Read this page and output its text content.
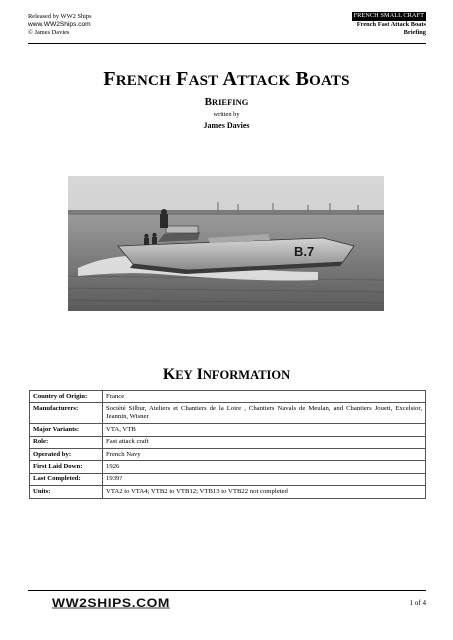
Released by WW2 Ships
www.WW2Ships.com
© James Davies
FRENCH SMALL CRAFT
French Fast Attack Boats
Briefing
FRENCH FAST ATTACK BOATS
BRIEFING
written by
James Davies
B.7
KEY INFORMATION
Country of Origin:	France
Manufacturers:	Société Silbur, Ateliers et Chantiers de la Loire , Chantiers Navals de Meulan, and Chantiers Jouett, Excelsior, Jeannin, Wisner
Major Variants:	VTA, VTB
Role:	Fast attack craft
Operated by:	French Navy
First Laid Down:	1926
Last Completed:	1939?
Units:	VTA2 to VTA4; VTB2 to VTB12; VTB13 to VTB22 not completed
WW2SHIPS.COM	1 of 4
